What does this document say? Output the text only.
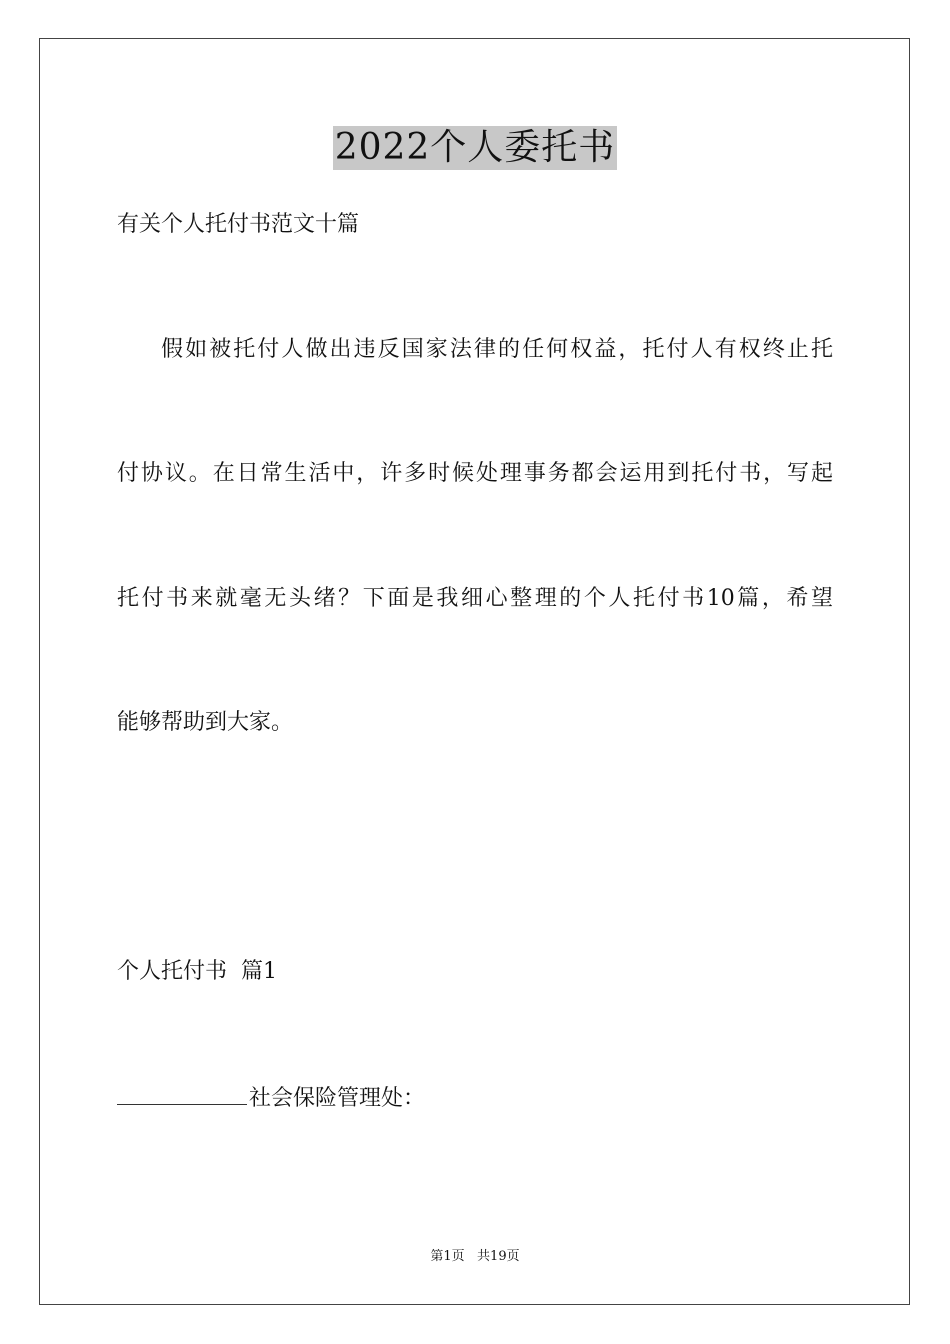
2022个人委托书
有关个人托付书范文十篇
假如被托付人做出违反国家法律的任何权益，托付人有权终止托
付协议。在日常生活中，许多时候处理事务都会运用到托付书，写起
托付书来就毫无头绪？下面是我细心整理的个人托付书10篇，希望
能够帮助到大家。
个人托付书  篇1
社会保险管理处：
第1页   共19页
